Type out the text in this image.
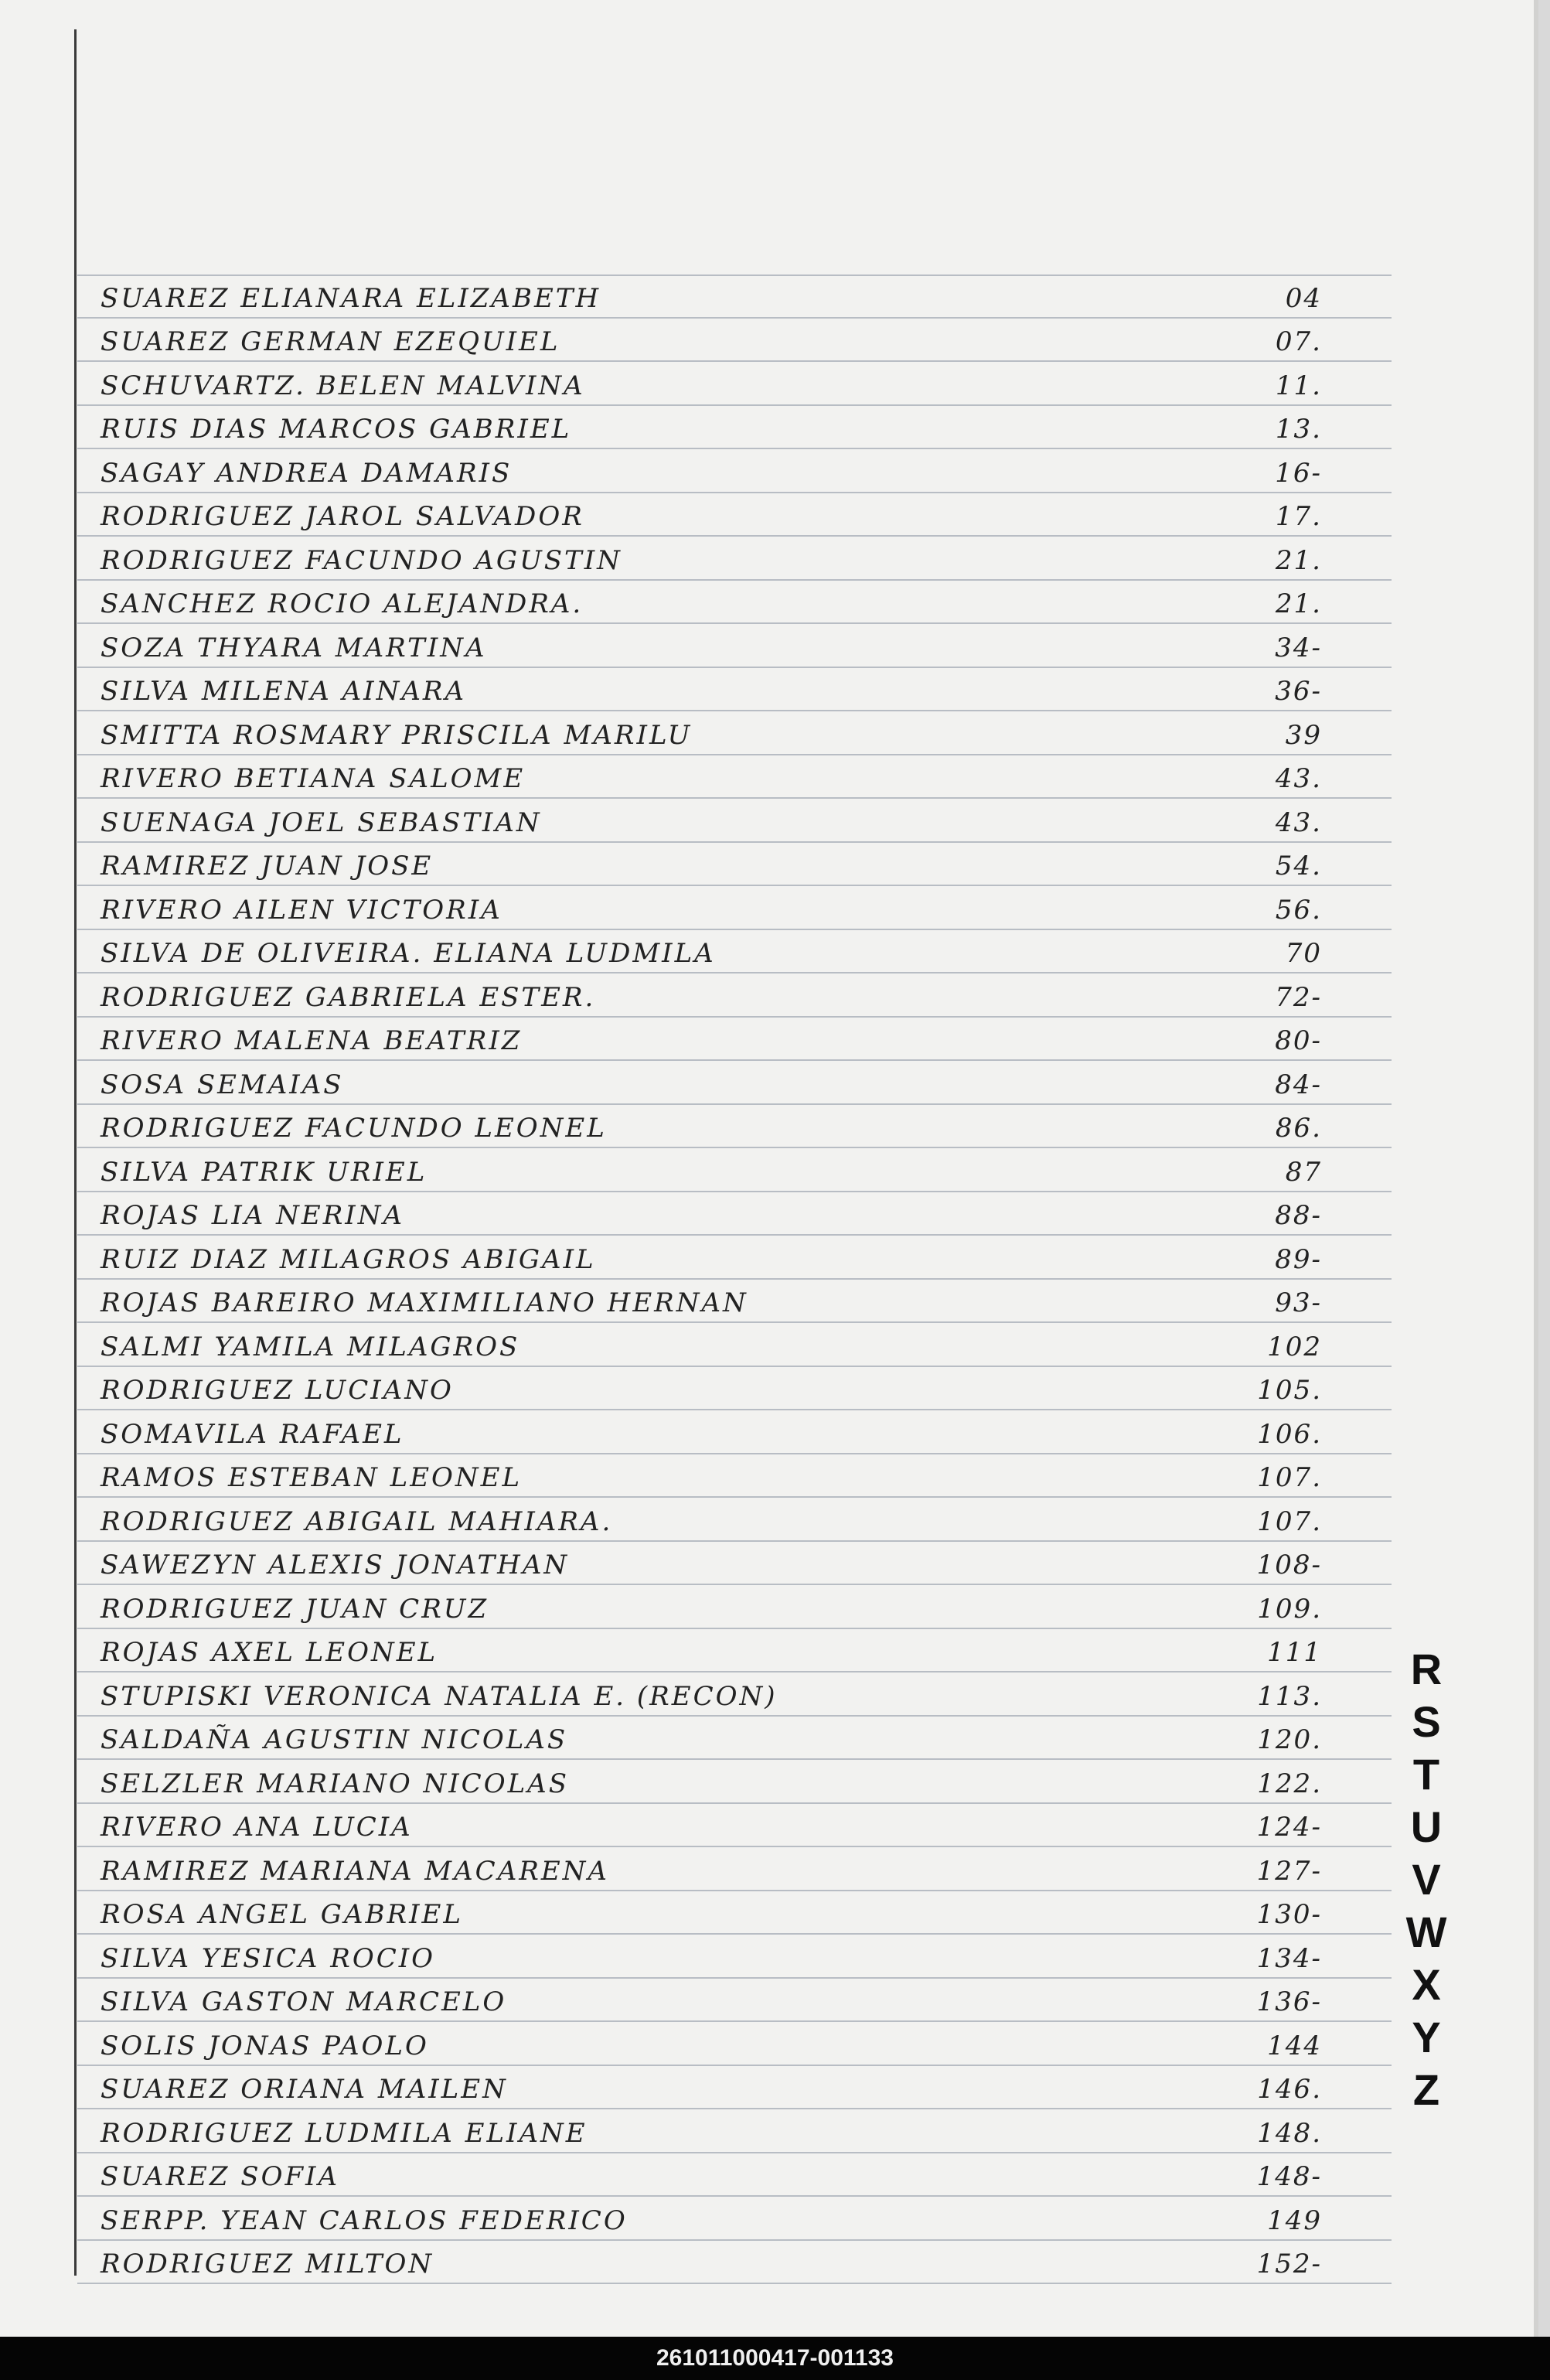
SUAREZ ELIANARA ELIZABETH	04
SUAREZ GERMAN EZEQUIEL	07.
SCHUVARTZ. BELEN MALVINA	11.
RUIS DIAS MARCOS GABRIEL	13.
SAGAY ANDREA DAMARIS	16-
RODRIGUEZ JAROL SALVADOR	17.
RODRIGUEZ FACUNDO AGUSTIN	21.
SANCHEZ ROCIO ALEJANDRA.	21.
SOZA THYARA MARTINA	34-
SILVA MILENA AINARA	36-
SMITTA ROSMARY PRISCILA MARILU	39
RIVERO BETIANA SALOME	43.
SUENAGA JOEL SEBASTIAN	43.
RAMIREZ JUAN JOSE	54.
RIVERO AILEN VICTORIA	56.
SILVA DE OLIVEIRA. ELIANA LUDMILA	70
RODRIGUEZ GABRIELA ESTER.	72-
RIVERO MALENA BEATRIZ	80-
SOSA SEMAIAS	84-
RODRIGUEZ FACUNDO LEONEL	86.
SILVA PATRIK URIEL	87
ROJAS LIA NERINA	88-
RUIZ DIAZ MILAGROS ABIGAIL	89-
ROJAS BAREIRO MAXIMILIANO HERNAN	93-
SALMI YAMILA MILAGROS	102
RODRIGUEZ LUCIANO	105.
SOMAVILA RAFAEL	106.
RAMOS ESTEBAN LEONEL	107.
RODRIGUEZ ABIGAIL MAHIARA.	107.
SAWEZYN ALEXIS JONATHAN	108-
RODRIGUEZ JUAN CRUZ	109.
ROJAS AXEL LEONEL	111
STUPISKI VERONICA NATALIA E. (RECON)	113.
SALDAÑA AGUSTIN NICOLAS	120.
SELZLER MARIANO NICOLAS	122.
RIVERO ANA LUCIA	124-
RAMIREZ MARIANA MACARENA	127-
ROSA ANGEL GABRIEL	130-
SILVA YESICA ROCIO	134-
SILVA GASTON MARCELO	136-
SOLIS JONAS PAOLO	144
SUAREZ ORIANA MAILEN	146.
RODRIGUEZ LUDMILA ELIANE	148.
SUAREZ SOFIA	148-
SERPP. YEAN CARLOS FEDERICO	149
RODRIGUEZ MILTON	152-
R
S
T
U
V
W
X
Y
Z
261011000417-001133
